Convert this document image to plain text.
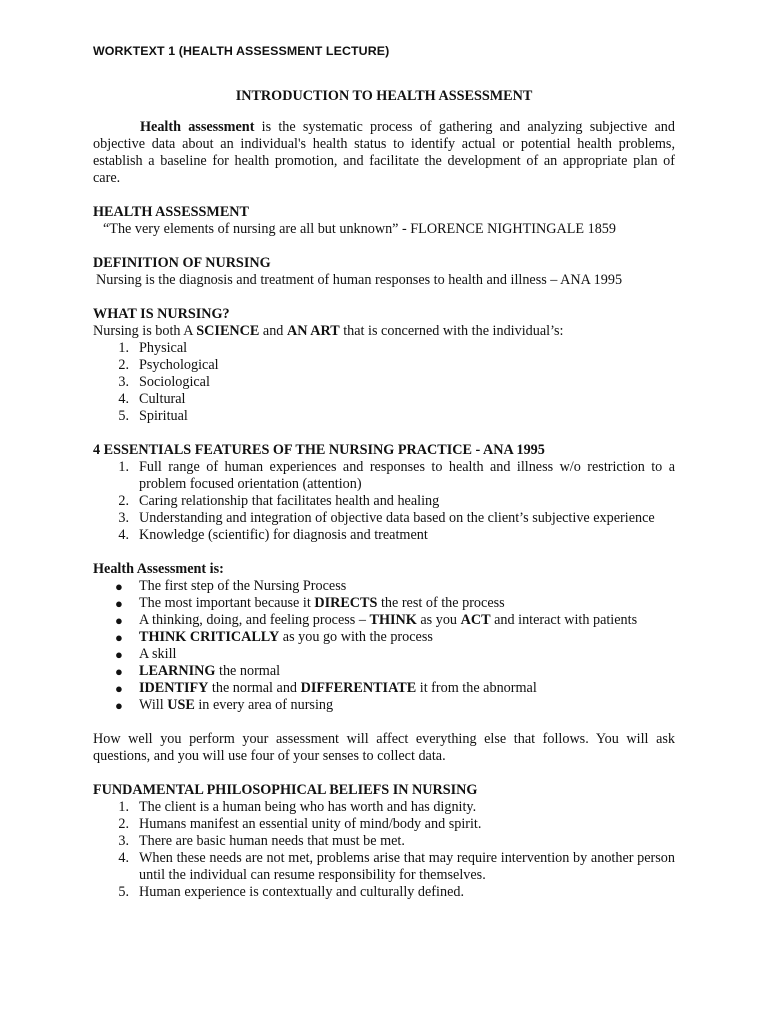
WORKTEXT 1 (HEALTH ASSESSMENT LECTURE)

INTRODUCTION TO HEALTH ASSESSMENT

Health assessment is the systematic process of gathering and analyzing subjective and objective data about an individual's health status to identify actual or potential health problems, establish a baseline for health promotion, and facilitate the development of an appropriate plan of care.

HEALTH ASSESSMENT

“The very elements of nursing are all but unknown” - FLORENCE NIGHTINGALE 1859

DEFINITION OF NURSING

Nursing is the diagnosis and treatment of human responses to health and illness – ANA 1995

WHAT IS NURSING?

Nursing is both A SCIENCE and AN ART that is concerned with the individual’s:

1. Physical
2. Psychological
3. Sociological
4. Cultural
5. Spiritual

4 ESSENTIALS FEATURES OF THE NURSING PRACTICE - ANA 1995

1. Full range of human experiences and responses to health and illness w/o restriction to a problem focused orientation (attention)
2. Caring relationship that facilitates health and healing
3. Understanding and integration of objective data based on the client’s subjective experience
4. Knowledge (scientific) for diagnosis and treatment

Health Assessment is:

● The first step of the Nursing Process
● The most important because it DIRECTS the rest of the process
● A thinking, doing, and feeling process – THINK as you ACT and interact with patients
● THINK CRITICALLY as you go with the process
● A skill
● LEARNING the normal
● IDENTIFY the normal and DIFFERENTIATE it from the abnormal
● Will USE in every area of nursing

How well you perform your assessment will affect everything else that follows. You will ask questions, and you will use four of your senses to collect data.

FUNDAMENTAL PHILOSOPHICAL BELIEFS IN NURSING

1. The client is a human being who has worth and has dignity.
2. Humans manifest an essential unity of mind/body and spirit.
3. There are basic human needs that must be met.
4. When these needs are not met, problems arise that may require intervention by another person until the individual can resume responsibility for themselves.
5. Human experience is contextually and culturally defined.
